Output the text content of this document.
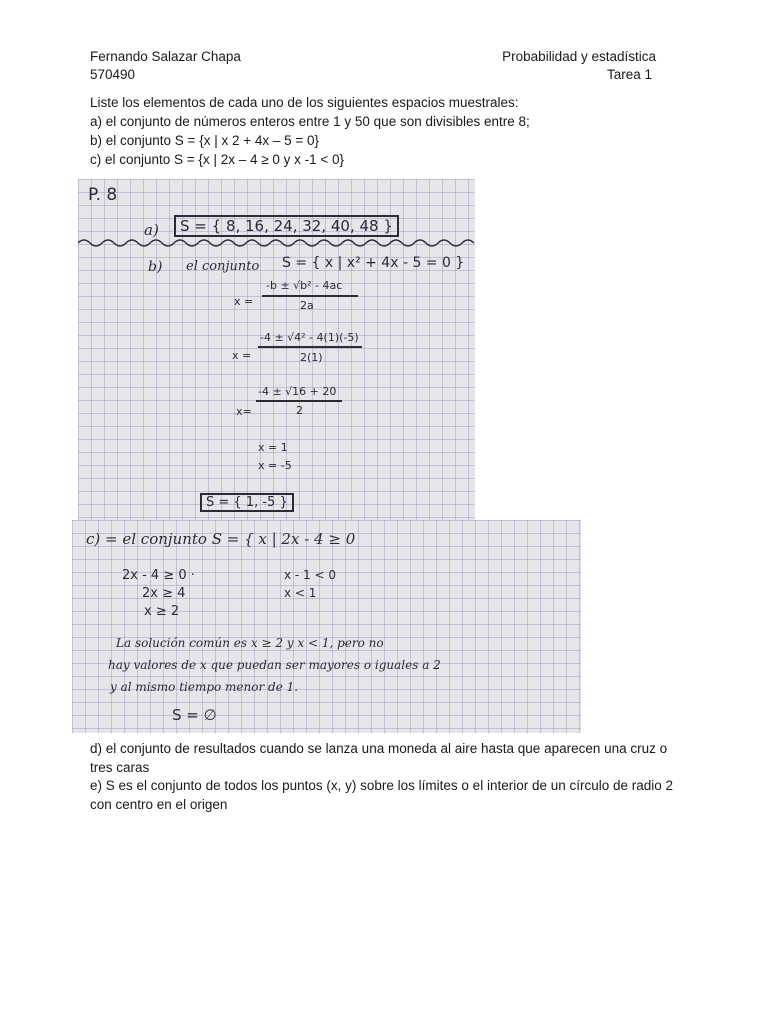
Fernando Salazar Chapa
570490
Probabilidad y estadística
Tarea 1
Liste los elementos de cada uno de los siguientes espacios muestrales:
a) el conjunto de números enteros entre 1 y 50 que son divisibles entre 8;
b) el conjunto S = {x | x 2 + 4x – 5 = 0}
c) el conjunto S = {x | 2x – 4 ≥ 0 y x -1 < 0}
P. 8
a)	S = { 8, 16, 24, 32, 40, 48 }
b) el conjunto S = { x | x² + 4x - 5 = 0 }
x =
-b ± √b² - 4ac
2a
x =
-4 ± √4² - 4(1)(-5)
2(1)
x=
-4 ± √16 + 20
2
x = 1
x = -5
S = { 1, -5 }
c) = el conjunto S = { x | 2x - 4 ≥ 0
2x - 4 ≥ 0 ·
2x ≥ 4
x ≥ 2
x - 1 < 0
x < 1
La solución común es x ≥ 2 y x < 1, pero no
hay valores de x que puedan ser mayores o iguales a 2
y al mismo tiempo menor de 1.
S = ∅
d) el conjunto de resultados cuando se lanza una moneda al aire hasta que aparecen una cruz o tres caras
e) S es el conjunto de todos los puntos (x, y) sobre los límites o el interior de un círculo de radio 2 con centro en el origen
